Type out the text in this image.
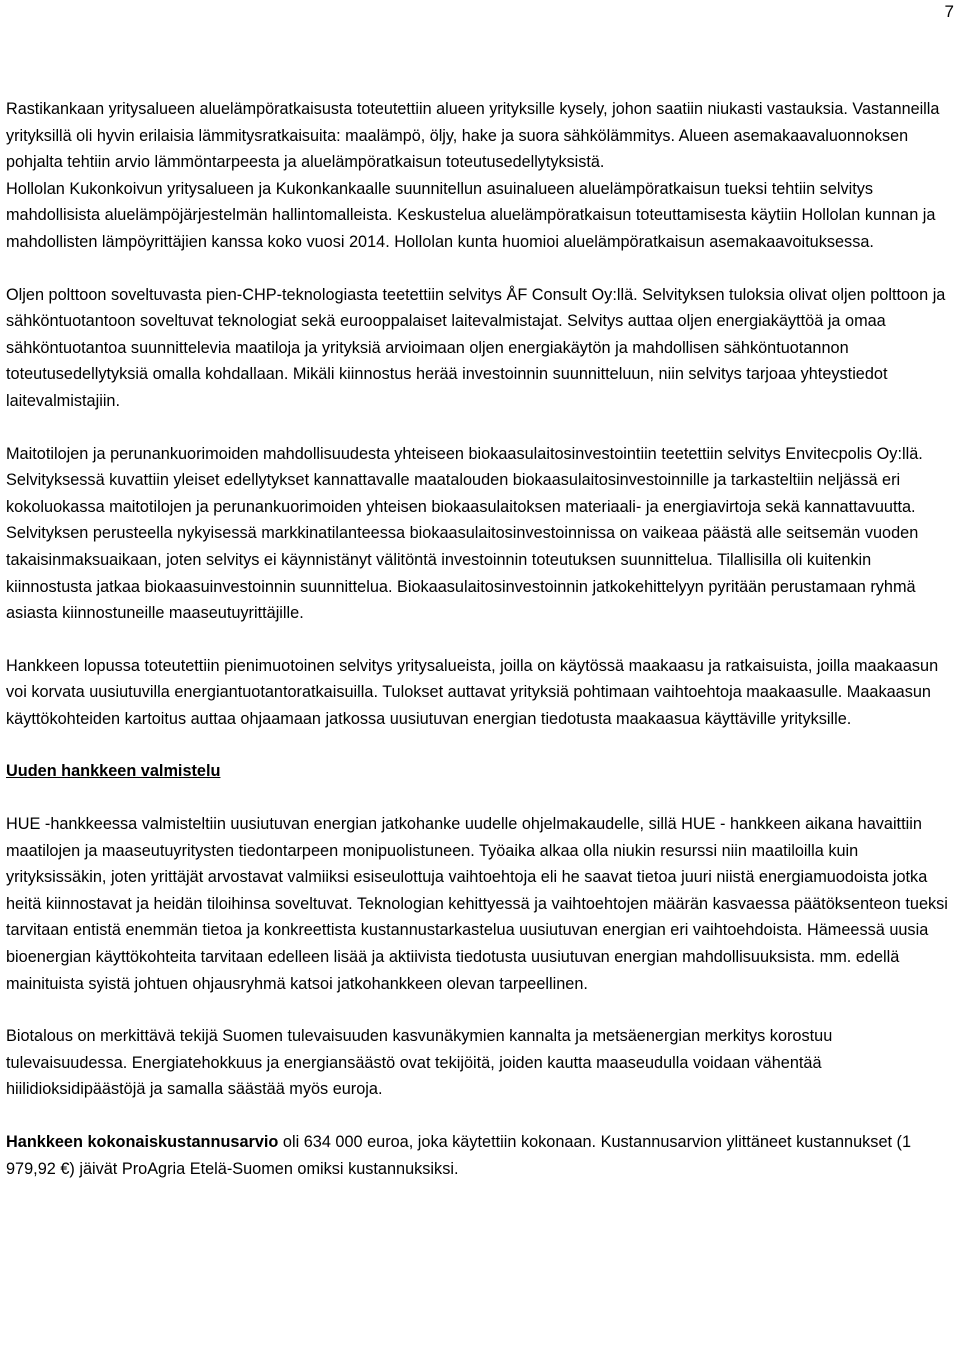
7

Rastikankaan yritysalueen aluelämpöratkaisusta toteutettiin alueen yrityksille kysely, johon saatiin niukasti vastauksia. Vastanneilla yrityksillä oli hyvin erilaisia lämmitysratkaisuita: maalämpö, öljy, hake ja suora sähkölämmitys. Alueen asemakaavaluonnoksen pohjalta tehtiin arvio lämmöntarpeesta ja aluelämpöratkaisun toteutusedellytyksistä.

Hollolan Kukonkoivun yritysalueen ja Kukonkankaalle suunnitellun asuinalueen aluelämpöratkaisun tueksi tehtiin selvitys mahdollisista aluelämpöjärjestelmän hallintomalleista. Keskustelua aluelämpöratkaisun toteuttamisesta käytiin Hollolan kunnan ja mahdollisten lämpöyrittäjien kanssa koko vuosi 2014. Hollolan kunta huomioi aluelämpöratkaisun asemakaavoituksessa.

Oljen polttoon soveltuvasta pien-CHP-teknologiasta teetettiin selvitys ÅF Consult Oy:llä. Selvityksen tuloksia olivat oljen polttoon ja sähköntuotantoon soveltuvat teknologiat sekä eurooppalaiset laitevalmistajat. Selvitys auttaa oljen energiakäyttöä ja omaa sähköntuotantoa suunnittelevia maatiloja ja yrityksiä arvioimaan oljen energiakäytön ja mahdollisen sähköntuotannon toteutusedellytyksiä omalla kohdallaan. Mikäli kiinnostus herää investoinnin suunnitteluun, niin selvitys tarjoaa yhteystiedot laitevalmistajiin.

Maitotilojen ja perunankuorimoiden mahdollisuudesta yhteiseen biokaasulaitosinvestointiin teetettiin selvitys Envitecpolis Oy:llä. Selvityksessä kuvattiin yleiset edellytykset kannattavalle maatalouden biokaasulaitosinvestoinnille ja tarkasteltiin neljässä eri kokoluokassa maitotilojen ja perunankuorimoiden yhteisen biokaasulaitoksen materiaali- ja energiavirtoja sekä kannattavuutta. Selvityksen perusteella nykyisessä markkinatilanteessa biokaasulaitosinvestoinnissa on vaikeaa päästä alle seitsemän vuoden takaisinmaksuaikaan, joten selvitys ei käynnistänyt välitöntä investoinnin toteutuksen suunnittelua. Tilallisilla oli kuitenkin kiinnostusta jatkaa biokaasuinvestoinnin suunnittelua. Biokaasulaitosinvestoinnin jatkokehittelyyn pyritään perustamaan ryhmä asiasta kiinnostuneille maaseutuyrittäjille.

Hankkeen lopussa toteutettiin pienimuotoinen selvitys yritysalueista, joilla on käytössä maakaasu ja ratkaisuista, joilla maakaasun voi korvata uusiutuvilla energiantuotantoratkaisuilla. Tulokset auttavat yrityksiä pohtimaan vaihtoehtoja maakaasulle. Maakaasun käyttökohteiden kartoitus auttaa ohjaamaan jatkossa uusiutuvan energian tiedotusta maakaasua käyttäville yrityksille.

Uuden hankkeen valmistelu

HUE -hankkeessa valmisteltiin uusiutuvan energian jatkohanke uudelle ohjelmakaudelle, sillä HUE - hankkeen aikana havaittiin maatilojen ja maaseutuyritysten tiedontarpeen monipuolistuneen. Työaika alkaa olla niukin resurssi niin maatiloilla kuin yrityksissäkin, joten yrittäjät arvostavat valmiiksi esiseulottuja vaihtoehtoja eli he saavat tietoa juuri niistä energiamuodoista jotka heitä kiinnostavat ja heidän tiloihinsa soveltuvat. Teknologian kehittyessä ja vaihtoehtojen määrän kasvaessa päätöksenteon tueksi tarvitaan entistä enemmän tietoa ja konkreettista kustannustarkastelua uusiutuvan energian eri vaihtoehdoista. Hämeessä uusia bioenergian käyttökohteita tarvitaan edelleen lisää ja aktiivista tiedotusta uusiutuvan energian mahdollisuuksista. mm. edellä mainituista syistä johtuen ohjausryhmä katsoi jatkohankkeen olevan tarpeellinen.

Biotalous on merkittävä tekijä Suomen tulevaisuuden kasvunäkymien kannalta ja metsäenergian merkitys korostuu tulevaisuudessa. Energiatehokkuus ja energiansäästö ovat tekijöitä, joiden kautta maaseudulla voidaan vähentää hiilidioksidipäästöjä ja samalla säästää myös euroja.

Hankkeen kokonaiskustannusarvio oli 634 000 euroa, joka käytettiin kokonaan. Kustannusarvion ylittäneet kustannukset (1 979,92 €) jäivät ProAgria Etelä-Suomen omiksi kustannuksiksi.
